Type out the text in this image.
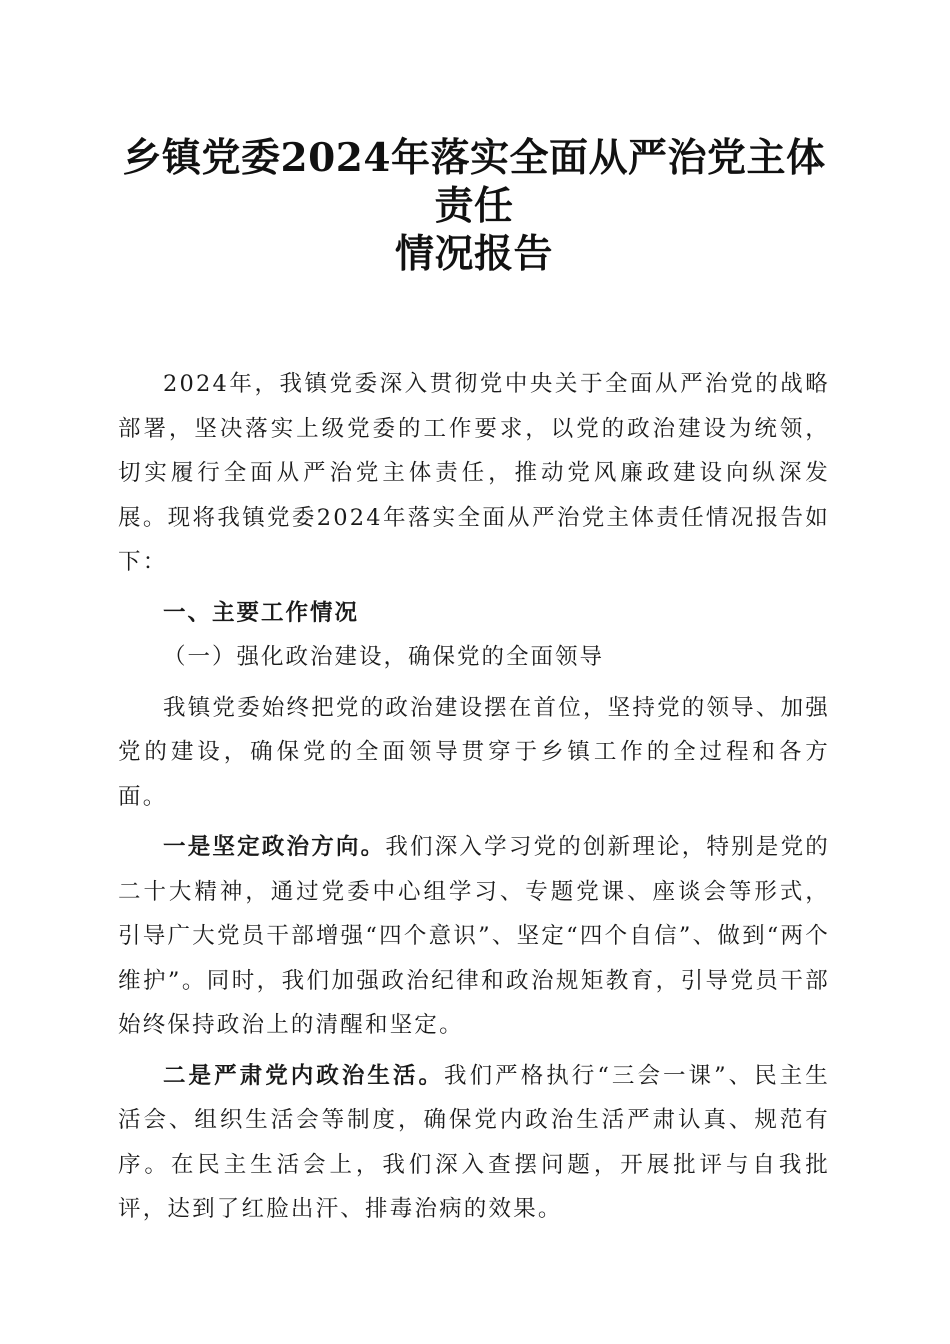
乡镇党委2024年落实全面从严治党主体责任
情况报告

2024年，我镇党委深入贯彻党中央关于全面从严治党的战略部署，坚决落实上级党委的工作要求，以党的政治建设为统领，切实履行全面从严治党主体责任，推动党风廉政建设向纵深发展。现将我镇党委2024年落实全面从严治党主体责任情况报告如下：

一、主要工作情况

（一）强化政治建设，确保党的全面领导

我镇党委始终把党的政治建设摆在首位，坚持党的领导、加强党的建设，确保党的全面领导贯穿于乡镇工作的全过程和各方面。

一是坚定政治方向。我们深入学习党的创新理论，特别是党的二十大精神，通过党委中心组学习、专题党课、座谈会等形式，引导广大党员干部增强“四个意识”、坚定“四个自信”、做到“两个维护”。同时，我们加强政治纪律和政治规矩教育，引导党员干部始终保持政治上的清醒和坚定。

二是严肃党内政治生活。我们严格执行“三会一课”、民主生活会、组织生活会等制度，确保党内政治生活严肃认真、规范有序。在民主生活会上，我们深入查摆问题，开展批评与自我批评，达到了红脸出汗、排毒治病的效果。
